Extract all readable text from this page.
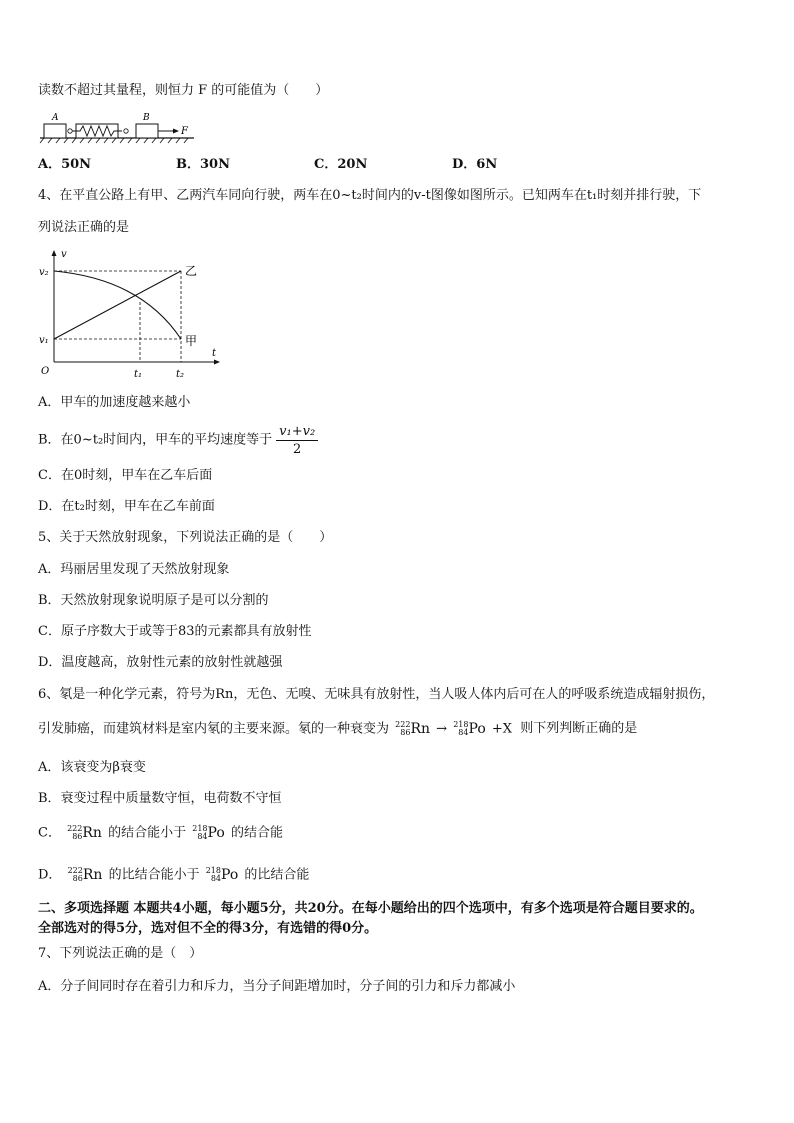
读数不超过其量程，则恒力 F 的可能值为（　　）
A	B
F
A．50N	B．30N	C．20N	D．6N
4、在平直公路上有甲、乙两汽车同向行驶，两车在0~t₂时间内的v-t图像如图所示。已知两车在t₁时刻并排行驶，下
列说法正确的是
v
t
O
v₂
v₁
t₁	t₂
乙
甲
A．甲车的加速度越来越小
B．在0~t₂时间内，甲车的平均速度等于 $\frac{\text{v₁+v₂}}{2}$
C．在0时刻，甲车在乙车后面
D．在t₂时刻，甲车在乙车前面
5、关于天然放射现象，下列说法正确的是（　　）
A．玛丽居里发现了天然放射现象
B．天然放射现象说明原子是可以分割的
C．原子序数大于或等于83的元素都具有放射性
D．温度越高，放射性元素的放射性就越强
6、氡是一种化学元素，符号为Rn，无色、无嗅、无味具有放射性，当人吸人体内后可在人的呼吸系统造成辐射损伤，
引发肺癌，而建筑材料是室内氡的主要来源。氡的一种衰变为 222
86Rn → 218
84Po +X 则下列判断正确的是
A．该衰变为β衰变
B．衰变过程中质量数守恒，电荷数不守恒
C． 222
86Rn 的结合能小于 218
84Po 的结合能
D． 222
86Rn 的比结合能小于 218
84Po 的比结合能
二、多项选择题 本题共4小题，每小题5分，共20分。在每小题给出的四个选项中，有多个选项是符合题目要求的。
全部选对的得5分，选对但不全的得3分，有选错的得0分。
7、下列说法正确的是（　）
A．分子间同时存在着引力和斥力，当分子间距增加时，分子间的引力和斥力都减小
